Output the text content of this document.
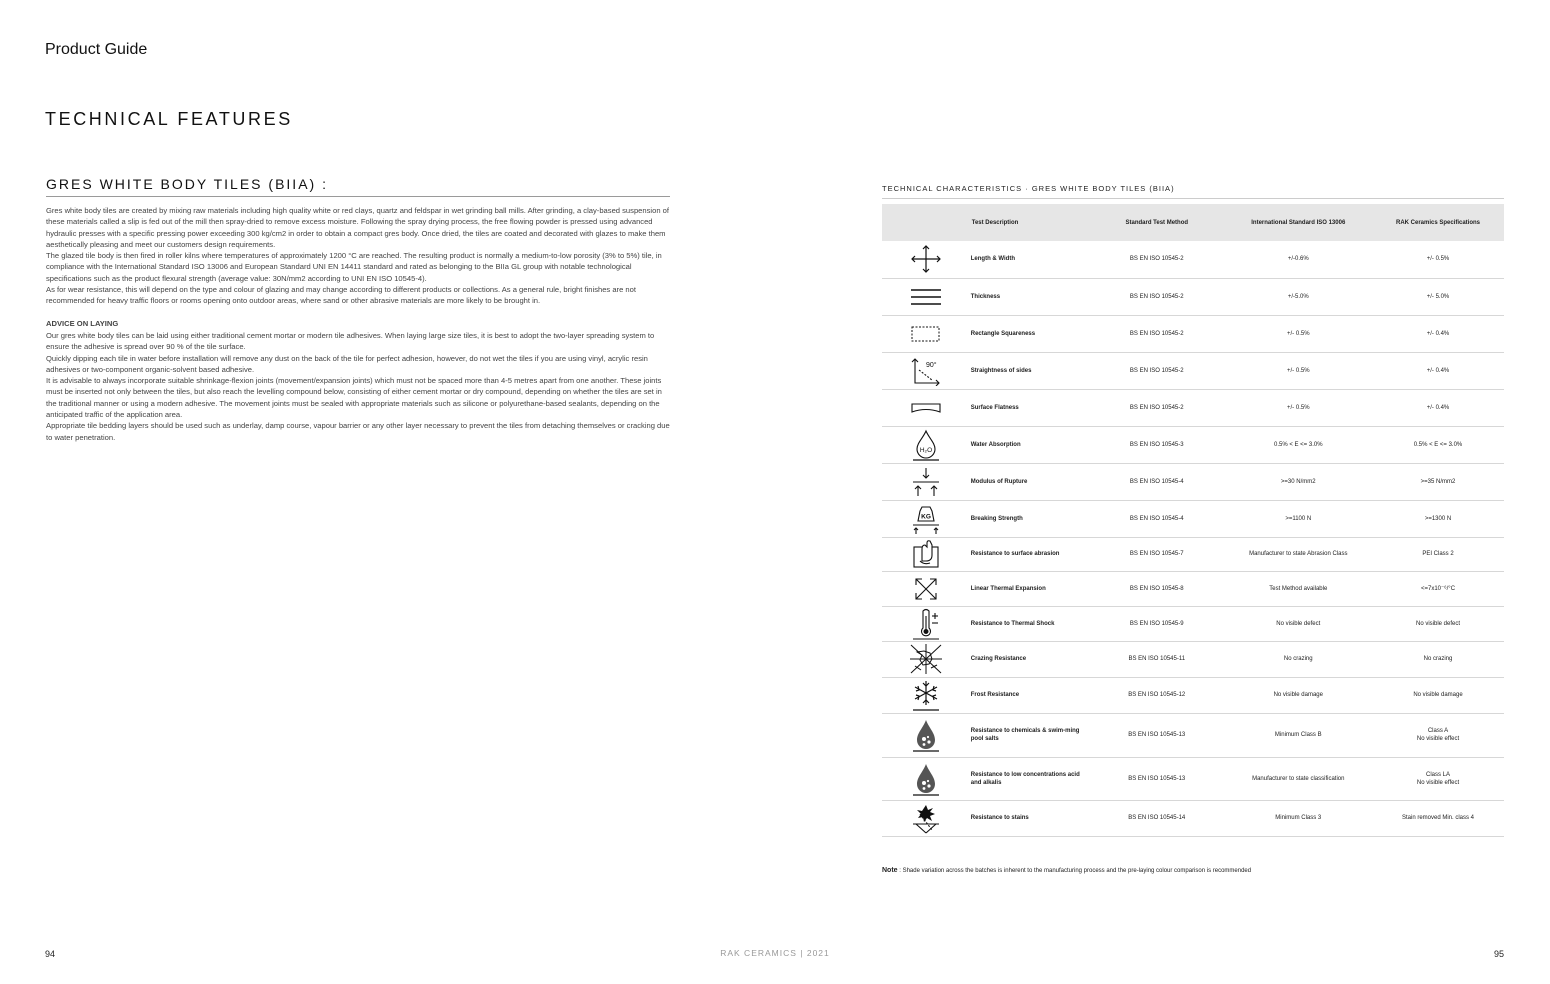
Product Guide
TECHNICAL FEATURES
GRES WHITE BODY TILES (BIIA) :

Gres white body tiles are created by mixing raw materials including high quality white or red clays, quartz and feldspar in wet grinding ball mills. After grinding, a clay-based suspension of these materials called a slip is fed out of the mill then spray-dried to remove excess moisture. Following the spray drying process, the free flowing powder is pressed using advanced hydraulic presses with a specific pressing power exceeding 300 kg/cm2 in order to obtain a compact gres body. Once dried, the tiles are coated and decorated with glazes to make them aesthetically pleasing and meet our customers design requirements.

The glazed tile body is then fired in roller kilns where temperatures of approximately 1200 °C are reached. The resulting product is normally a medium-to-low porosity (3% to 5%) tile, in compliance with the International Standard ISO 13006 and European Standard UNI EN 14411 standard and rated as belonging to the BIIa GL group with notable technological specifications such as the product flexural strength (average value: 30N/mm2 according to UNI EN ISO 10545-4).

As for wear resistance, this will depend on the type and colour of glazing and may change according to different products or collections. As a general rule, bright finishes are not recommended for heavy traffic floors or rooms opening onto outdoor areas, where sand or other abrasive materials are more likely to be brought in.

ADVICE ON LAYING

Our gres white body tiles can be laid using either traditional cement mortar or modern tile adhesives. When laying large size tiles, it is best to adopt the two-layer spreading system to ensure the adhesive is spread over 90 % of the tile surface.

Quickly dipping each tile in water before installation will remove any dust on the back of the tile for perfect adhesion, however, do not wet the tiles if you are using vinyl, acrylic resin adhesives or two-component organic-solvent based adhesive.

It is advisable to always incorporate suitable shrinkage-flexion joints (movement/expansion joints) which must not be spaced more than 4-5 metres apart from one another. These joints must be inserted not only between the tiles, but also reach the levelling compound below, consisting of either cement mortar or dry compound, depending on whether the tiles are set in the traditional manner or using a modern adhesive. The movement joints must be sealed with appropriate materials such as silicone or polyurethane-based sealants, depending on the anticipated traffic of the application area.

Appropriate tile bedding layers should be used such as underlay, damp course, vapour barrier or any other layer necessary to prevent the tiles from detaching themselves or cracking due to water penetration.

TECHNICAL CHARACTERISTICS · GRES WHITE BODY TILES (BIIA)
	Test Description	Standard Test Method	International Standard ISO 13006	RAK Ceramics Specifications

	Length & Width	BS EN ISO 10545-2	+/-0.6%	+/- 0.5%

	Thickness	BS EN ISO 10545-2	+/-5.0%	+/- 5.0%

	Rectangle Squareness	BS EN ISO 10545-2	+/- 0.5%	+/- 0.4%

90°	Straightness of sides	BS EN ISO 10545-2	+/- 0.5%	+/- 0.4%

	Surface Flatness	BS EN ISO 10545-2	+/- 0.5%	+/- 0.4%

H₂O	Water Absorption	BS EN ISO 10545-3	0.5% < E <= 3.0%	0.5% < E <= 3.0%

	Modulus of Rupture	BS EN ISO 10545-4	>=30 N/mm2	>=35 N/mm2

KG	Breaking Strength	BS EN ISO 10545-4	>=1100 N	>=1300 N

	Resistance to surface abrasion	BS EN ISO 10545-7	Manufacturer to state Abrasion Class	PEI Class 2

	Linear Thermal Expansion	BS EN ISO 10545-8	Test Method available	<=7x10⁻⁶/°C

	Resistance to Thermal Shock	BS EN ISO 10545-9	No visible defect	No visible defect

	Crazing Resistance	BS EN ISO 10545-11	No crazing	No crazing

	Frost Resistance	BS EN ISO 10545-12	No visible damage	No visible damage

	Resistance to chemicals & swim-ming pool salts	BS EN ISO 10545-13	Minimum Class B	Class A
No visible effect

	Resistance to low concentrations acid and alkalis	BS EN ISO 10545-13	Manufacturer to state classification	Class LA
No visible effect

	Resistance to stains	BS EN ISO 10545-14	Minimum Class 3	Stain removed Min. class 4
Note : Shade variation across the batches is inherent to the manufacturing process and the pre-laying colour comparison is recommended
94	RAK CERAMICS | 2021	95
